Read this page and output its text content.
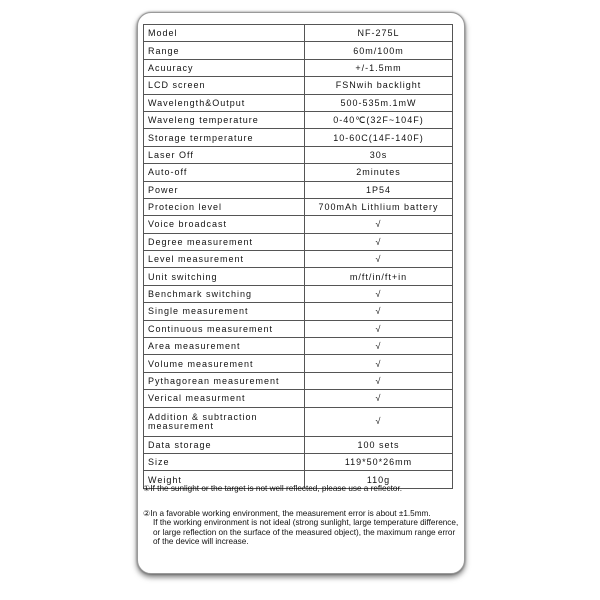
Model	NF-275L
Range	60m/100m
Acuuracy	+/-1.5mm
LCD screen	FSNwih backlight
Wavelength&Output	500-535m.1mW
Waveleng temperature	0-40℃(32F~104F)
Storage termperature	10-60C(14F-140F)
Laser Off	30s
Auto-off	2minutes
Power	1P54
Protecion level	700mAh Lithlium battery
Voice broadcast	√
Degree measurement	√
Level measurement	√
Unit switching	m/ft/in/ft+in
Benchmark switching	√
Single measurement	√
Continuous measurement	√
Area measurement	√
Volume measurement	√
Pythagorean measurement	√
Verical measurment	√
Addition & subtraction measurement	√
Data storage	100 sets
Size	119*50*26mm
Weight	110g

①If the sunlight or the target is not well reflected, please use a reflector.

②In a favorable working environment, the measurement error is about ±1.5mm.
If the working environment is not ideal (strong sunlight, large temperature difference, or large reflection on the surface of the measured object), the maximum range error of the device will increase.
